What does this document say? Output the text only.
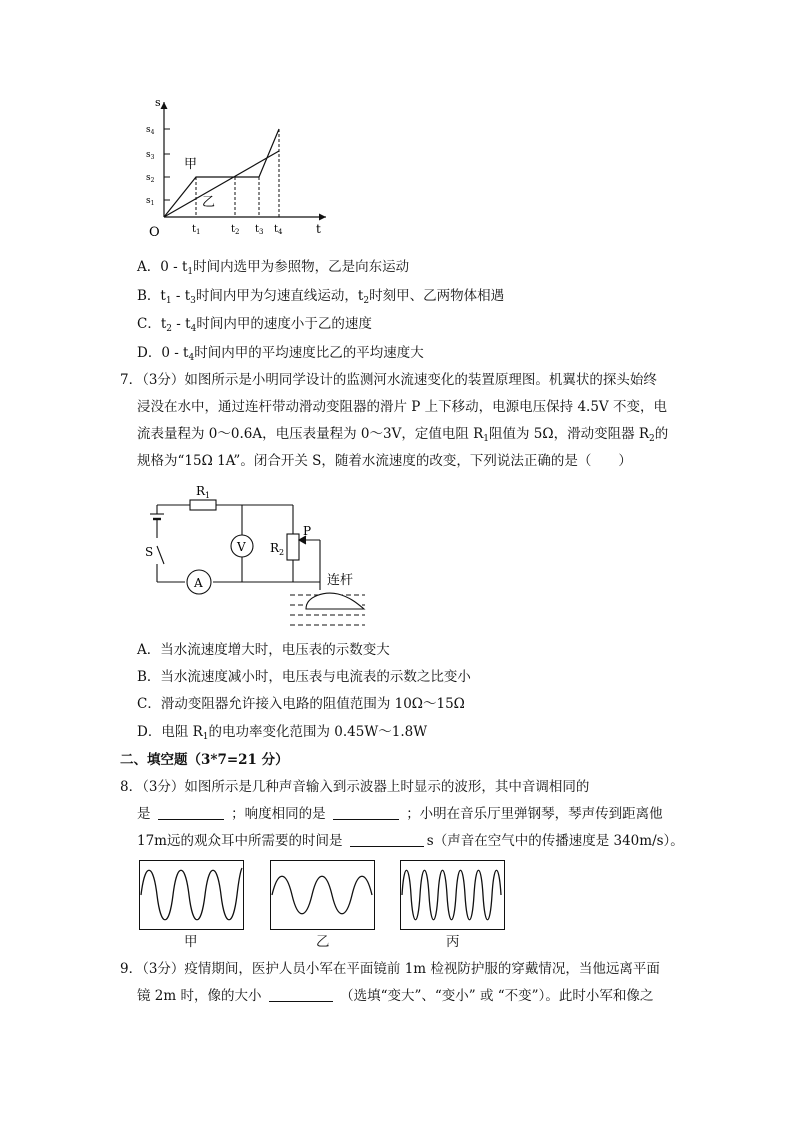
s
t
O
$s_4$
$s_3$
$s_2$
$s_1$
$t_1$	$t_2$ $t_3$ $t_4$
甲
乙
A．$0 - t_1$时间内选甲为参照物，乙是向东运动
B．$t_1 - t_3$时间内甲为匀速直线运动，$t_2$时刻甲、乙两物体相遇
C．$t_2 - t_4$时间内甲的速度小于乙的速度
D．$0 - t_4$时间内甲的平均速度比乙的平均速度大
7．（3分）如图所示是小明同学设计的监测河水流速变化的装置原理图。机翼状的探头始终
浸没在水中，通过连杆带动滑动变阻器的滑片 P 上下移动，电源电压保持 4.5V 不变，电
流表量程为 0～0.6A，电压表量程为 0～3V，定值电阻 $R_1$阻值为 5Ω，滑动变阻器 $R_2$的
规格为“15Ω 1A”。闭合开关 S，随着水流速度的改变，下列说法正确的是（　　）
$R_1$
$R_2$
P
S	V
A	连杆
A．当水流速度增大时，电压表的示数变大
B．当水流速度减小时，电压表与电流表的示数之比变小
C．滑动变阻器允许接入电路的阻值范围为 10Ω～15Ω
D．电阻 $R_1$的电功率变化范围为 0.45W～1.8W
二、填空题（3*7=21 分）
8．（3分）如图所示是几种声音输入到示波器上时显示的波形，其中音调相同的
是	；响度相同的是	；小明在音乐厅里弹钢琴，琴声传到距离他
17m远的观众耳中所需要的时间是	s（声音在空气中的传播速度是 340m/s）。
甲	乙	丙
9．（3分）疫情期间，医护人员小军在平面镜前 1m 检视防护服的穿戴情况，当他远离平面
镜 2m 时，像的大小	（选填“变大”、“变小” 或 “不变”）。此时小军和像之
